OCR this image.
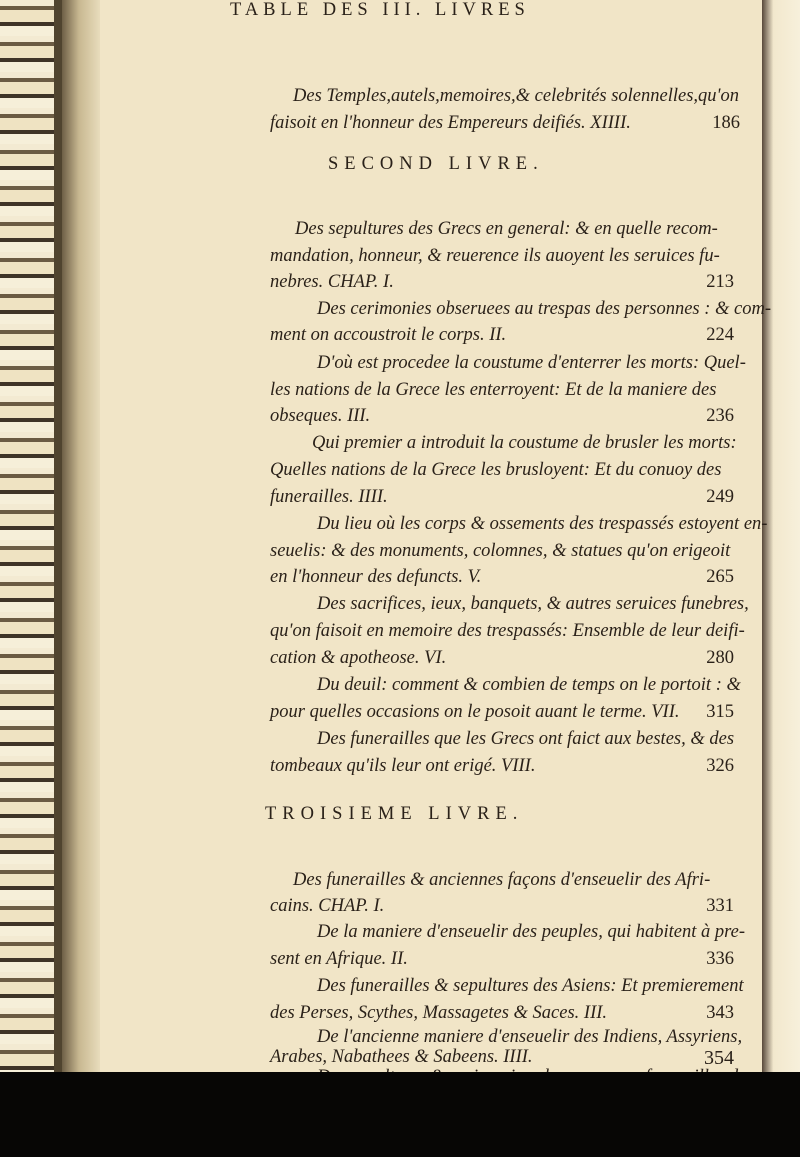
TABLE DES III. LIVRES
Des Temples,autels,memoires,& celebrités solennelles,qu'on
faisoit en l'honneur des Empereurs deifiés. XIIII.	186
SECOND LIVRE.
Des sepultures des Grecs en general: & en quelle recom-
mandation, honneur, & reuerence ils auoyent les seruices fu-
nebres. CHAP. I.	213
Des cerimonies obseruees au trespas des personnes : & com-
ment on accoustroit le corps. II.	224
D'où est procedee la coustume d'enterrer les morts: Quel-
les nations de la Grece les enterroyent: Et de la maniere des
obseques. III.	236
Qui premier a introduit la coustume de brusler les morts:
Quelles nations de la Grece les brusloyent: Et du conuoy des
funerailles. IIII.	249
Du lieu où les corps & ossements des trespassés estoyent en-
seuelis: & des monuments, colomnes, & statues qu'on erigeoit
en l'honneur des defuncts. V.	265
Des sacrifices, ieux, banquets, & autres seruices funebres,
qu'on faisoit en memoire des trespassés: Ensemble de leur deifi-
cation & apotheose. VI.	280
Du deuil: comment & combien de temps on le portoit : &
pour quelles occasions on le posoit auant le terme. VII. 315
Des funerailles que les Grecs ont faict aux bestes, & des
tombeaux qu'ils leur ont erigé. VIII.	326
TROISIEME LIVRE.
Des funerailles & anciennes façons d'enseuelir des Afri-
cains. CHAP. I.	331
De la maniere d'enseuelir des peuples, qui habitent à pre-
sent en Afrique. II.	336
Des funerailles & sepultures des Asiens: Et premierement
des Perses, Scythes, Massagetes & Saces. III.	343
De l'ancienne maniere d'enseuelir des Indiens, Assyriens,
Arabes, Nabathees & Sabeens. IIII.	354
